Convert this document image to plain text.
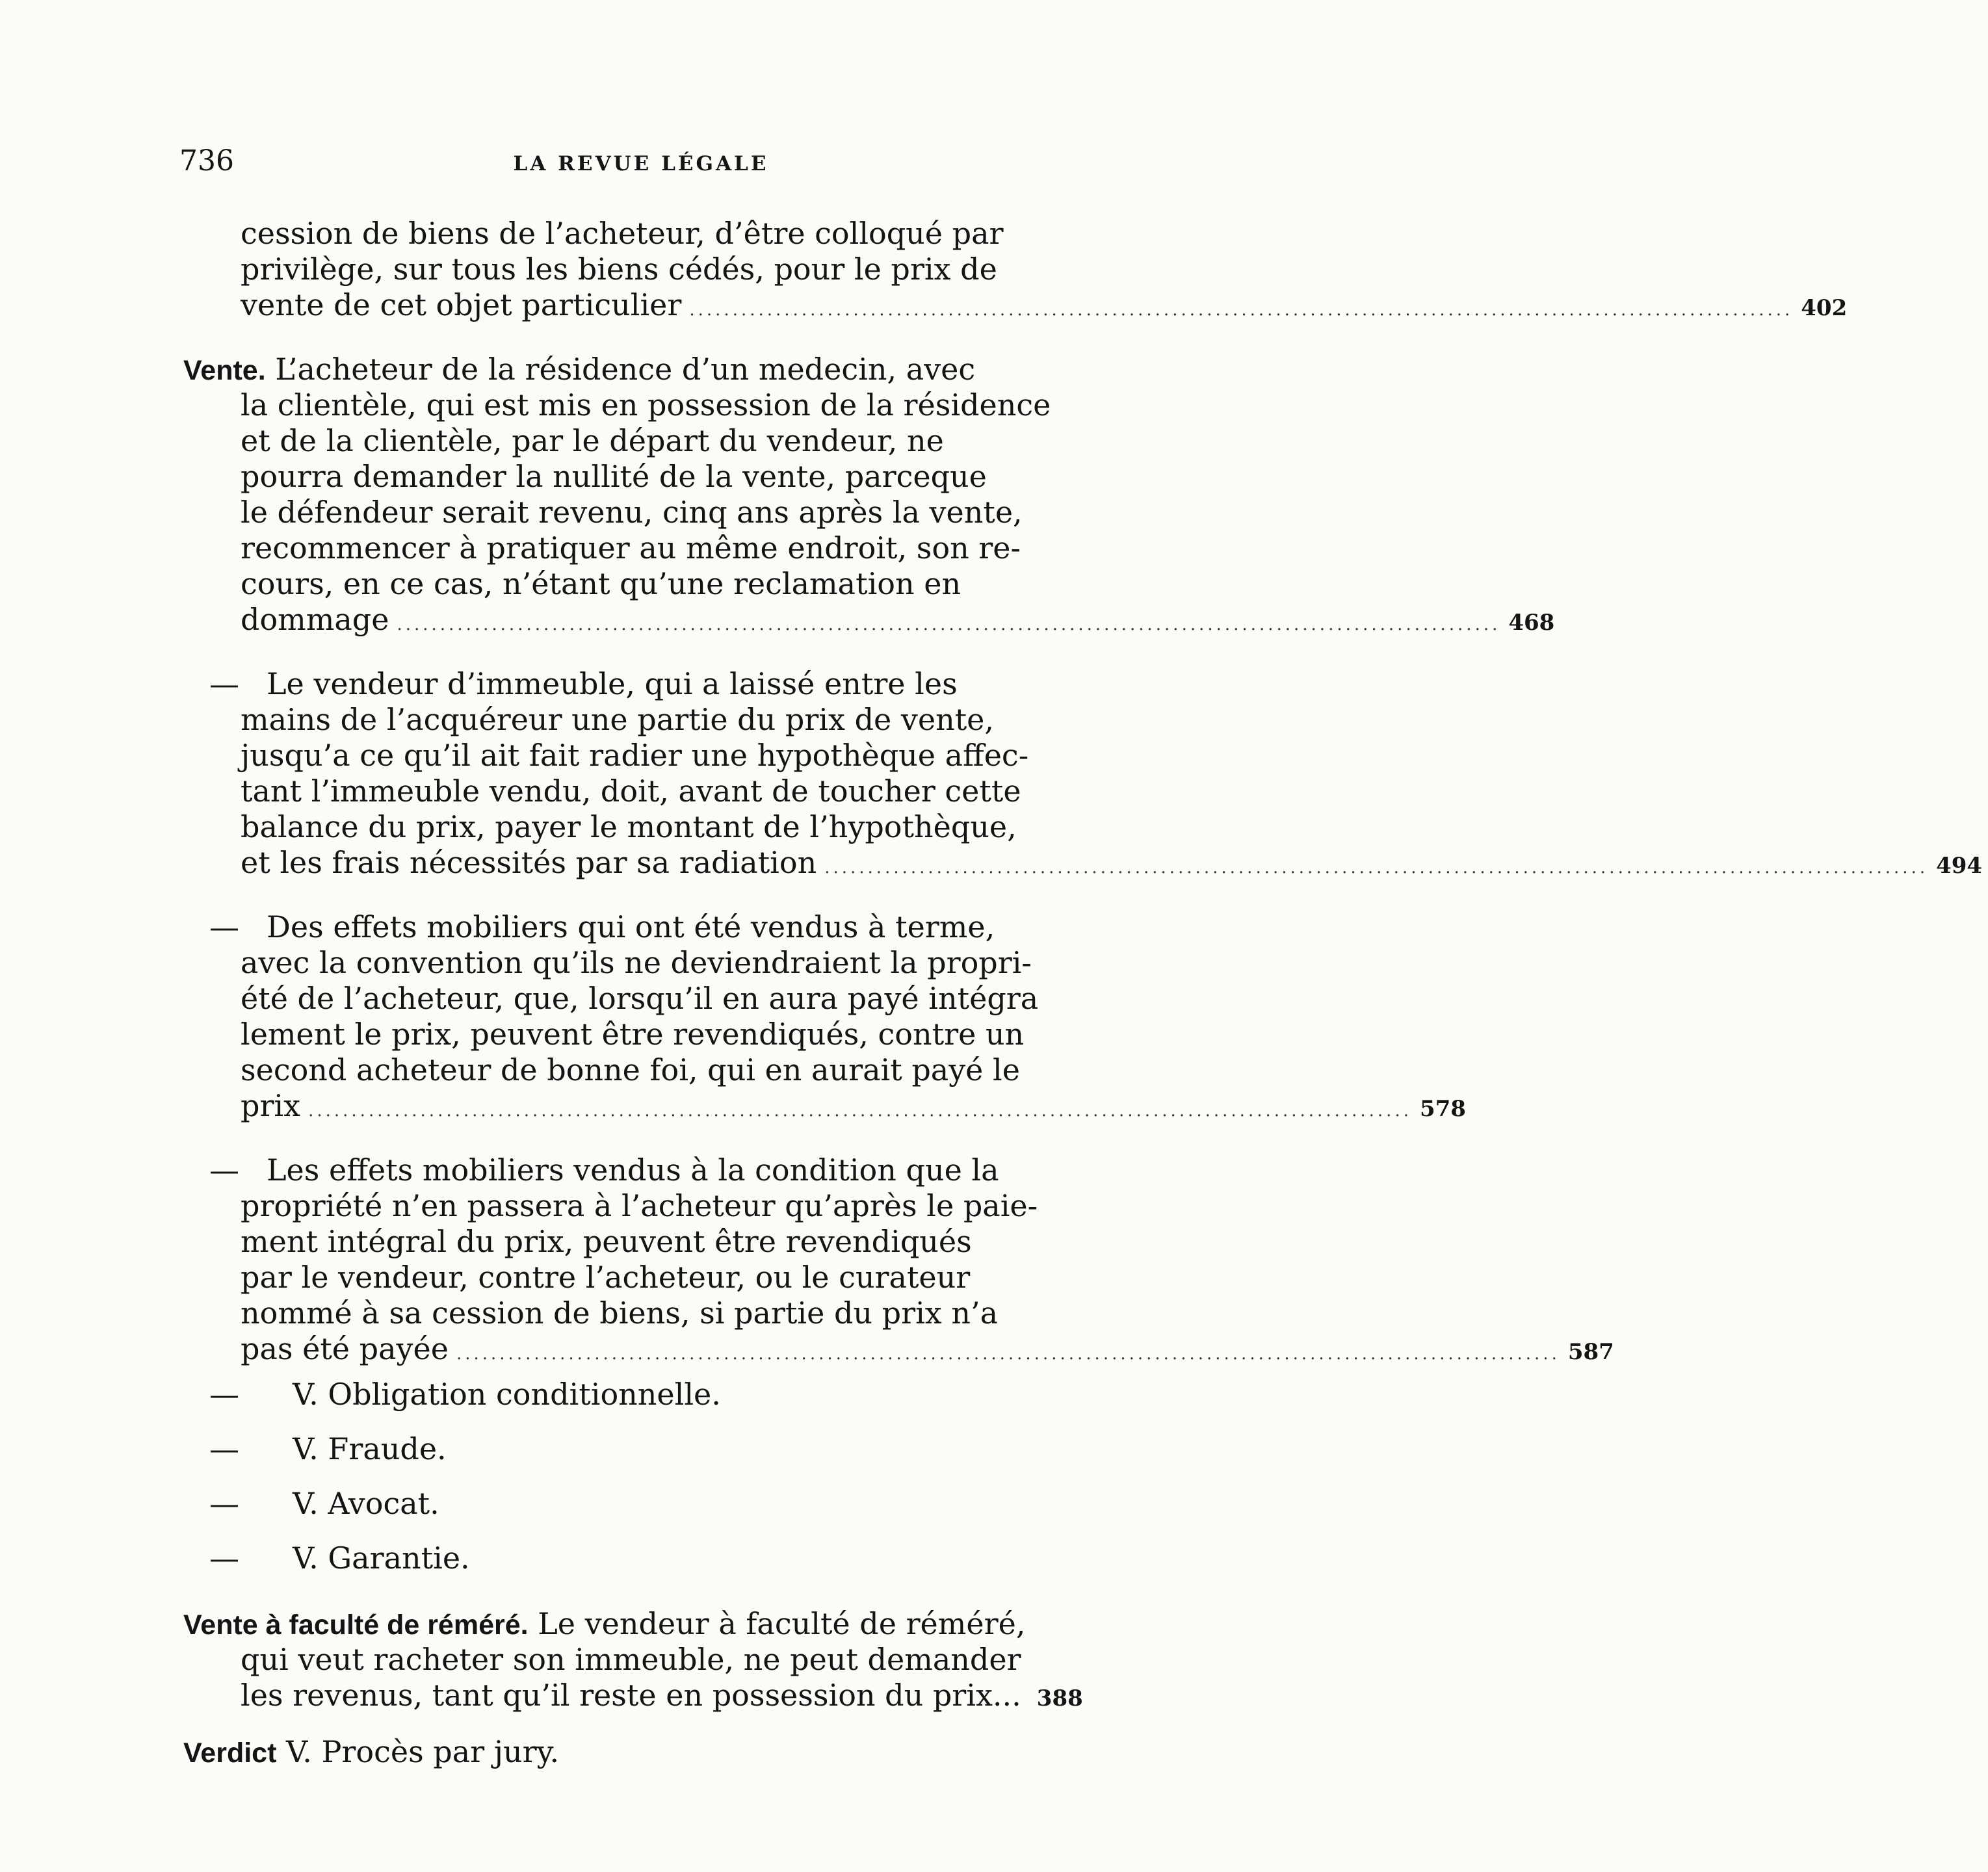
736	LA REVUE LÉGALE
cession de biens de l’acheteur, d’être colloqué par
privilège, sur tous les biens cédés, pour le prix de
vente de cet objet particulier ................................................................................................................................ 402
Vente. L’acheteur de la résidence d’un medecin, avec
la clientèle, qui est mis en possession de la résidence
et de la clientèle, par le départ du vendeur, ne
pourra demander la nullité de la vente, parceque
le défendeur serait revenu, cinq ans après la vente,
recommencer à pratiquer au même endroit, son re-
cours, en ce cas, n’étant qu’une reclamation en
dommage ................................................................................................................................ 468
— Le vendeur d’immeuble, qui a laissé entre les
mains de l’acquéreur une partie du prix de vente,
jusqu’a ce qu’il ait fait radier une hypothèque affec-
tant l’immeuble vendu, doit, avant de toucher cette
balance du prix, payer le montant de l’hypothèque,
et les frais nécessités par sa radiation ................................................................................................................................ 494
— Des effets mobiliers qui ont été vendus à terme,
avec la convention qu’ils ne deviendraient la propri-
été de l’acheteur, que, lorsqu’il en aura payé intégra
lement le prix, peuvent être revendiqués, contre un
second acheteur de bonne foi, qui en aurait payé le
prix ................................................................................................................................ 578
— Les effets mobiliers vendus à la condition que la
propriété n’en passera à l’acheteur qu’après le paie-
ment intégral du prix, peuvent être revendiqués
par le vendeur, contre l’acheteur, ou le curateur
nommé à sa cession de biens, si partie du prix n’a
pas été payée ................................................................................................................................ 587
— V. Obligation conditionnelle.
— V. Fraude.
— V. Avocat.
— V. Garantie.
Vente à faculté de réméré. Le vendeur à faculté de réméré,
qui veut racheter son immeuble, ne peut demander
les revenus, tant qu’il reste en possession du prix... 388
Verdict V. Procès par jury.
